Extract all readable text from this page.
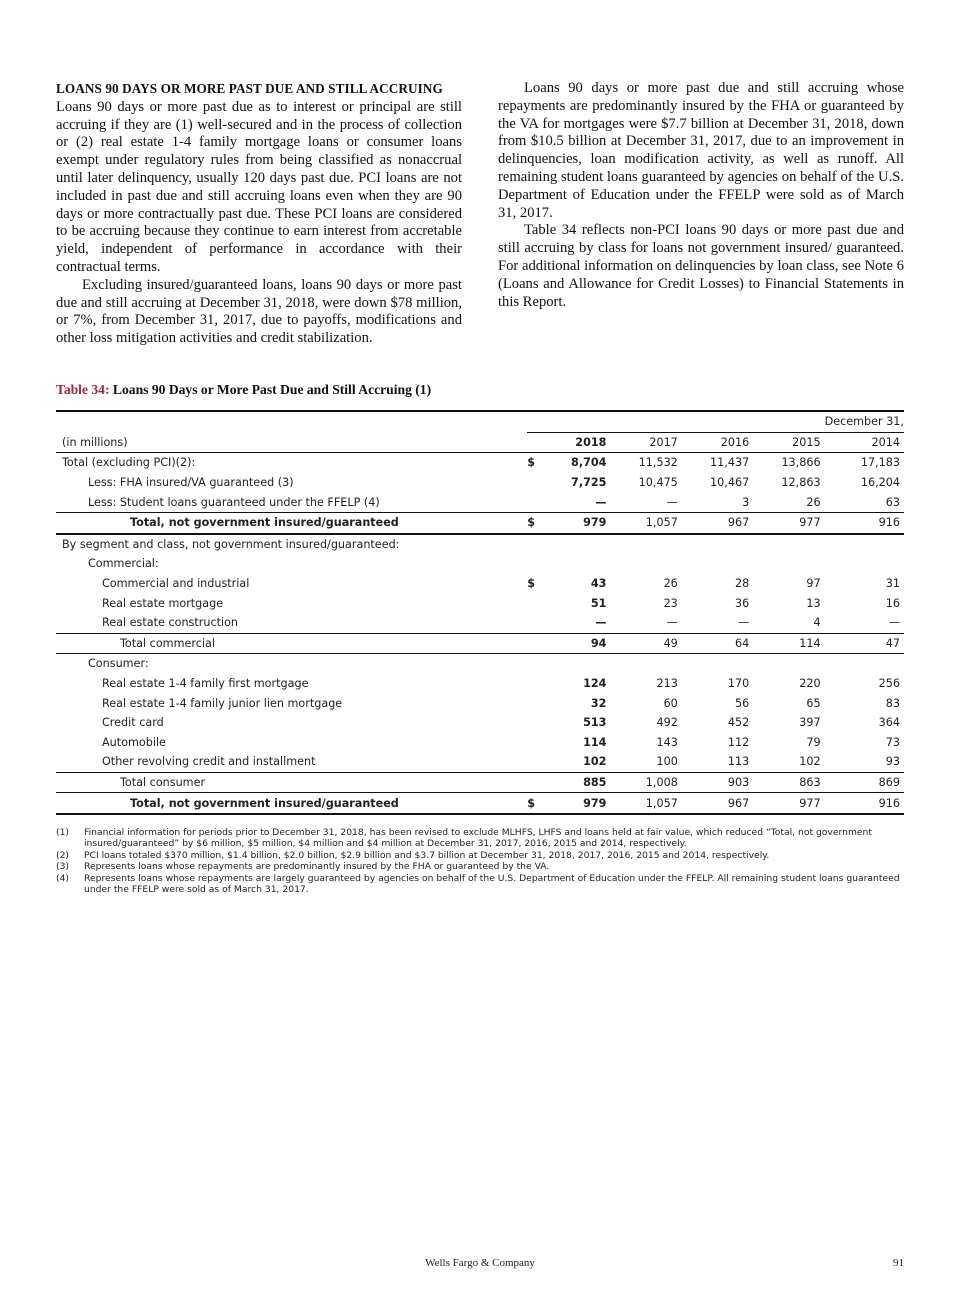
LOANS 90 DAYS OR MORE PAST DUE AND STILL ACCRUING
Loans 90 days or more past due as to interest or principal are still accruing if they are (1) well-secured and in the process of collection or (2) real estate 1-4 family mortgage loans or consumer loans exempt under regulatory rules from being classified as nonaccrual until later delinquency, usually 120 days past due. PCI loans are not included in past due and still accruing loans even when they are 90 days or more contractually past due. These PCI loans are considered to be accruing because they continue to earn interest from accretable yield, independent of performance in accordance with their contractual terms.

Excluding insured/guaranteed loans, loans 90 days or more past due and still accruing at December 31, 2018, were down $78 million, or 7%, from December 31, 2017, due to payoffs, modifications and other loss mitigation activities and credit stabilization.

Loans 90 days or more past due and still accruing whose repayments are predominantly insured by the FHA or guaranteed by the VA for mortgages were $7.7 billion at December 31, 2018, down from $10.5 billion at December 31, 2017, due to an improvement in delinquencies, loan modification activity, as well as runoff. All remaining student loans guaranteed by agencies on behalf of the U.S. Department of Education under the FFELP were sold as of March 31, 2017.

Table 34 reflects non-PCI loans 90 days or more past due and still accruing by class for loans not government insured/ guaranteed. For additional information on delinquencies by loan class, see Note 6 (Loans and Allowance for Credit Losses) to Financial Statements in this Report.

Table 34: Loans 90 Days or More Past Due and Still Accruing (1)
						December 31,
(in millions)		2018	2017	2016	2015	2014
Total (excluding PCI)(2):	$	8,704	11,532	11,437	13,866	17,183
Less: FHA insured/VA guaranteed (3)		7,725	10,475	10,467	12,863	16,204
Less: Student loans guaranteed under the FFELP (4)		—	—	3	26	63
Total, not government insured/guaranteed	$	979	1,057	967	977	916
By segment and class, not government insured/guaranteed:						
Commercial:						
Commercial and industrial	$	43	26	28	97	31
Real estate mortgage		51	23	36	13	16
Real estate construction		—	—	—	4	—
Total commercial		94	49	64	114	47
Consumer:						
Real estate 1-4 family first mortgage		124	213	170	220	256
Real estate 1-4 family junior lien mortgage		32	60	56	65	83
Credit card		513	492	452	397	364
Automobile		114	143	112	79	73
Other revolving credit and installment		102	100	113	102	93
Total consumer		885	1,008	903	863	869
Total, not government insured/guaranteed	$	979	1,057	967	977	916
(1)	Financial information for periods prior to December 31, 2018, has been revised to exclude MLHFS, LHFS and loans held at fair value, which reduced “Total, not government insured/guaranteed” by $6 million, $5 million, $4 million and $4 million at December 31, 2017, 2016, 2015 and 2014, respectively.
(2)	PCI loans totaled $370 million, $1.4 billion, $2.0 billion, $2.9 billion and $3.7 billion at December 31, 2018, 2017, 2016, 2015 and 2014, respectively.
(3)	Represents loans whose repayments are predominantly insured by the FHA or guaranteed by the VA.
(4)	Represents loans whose repayments are largely guaranteed by agencies on behalf of the U.S. Department of Education under the FFELP. All remaining student loans guaranteed under the FFELP were sold as of March 31, 2017.
Wells Fargo & Company	91
